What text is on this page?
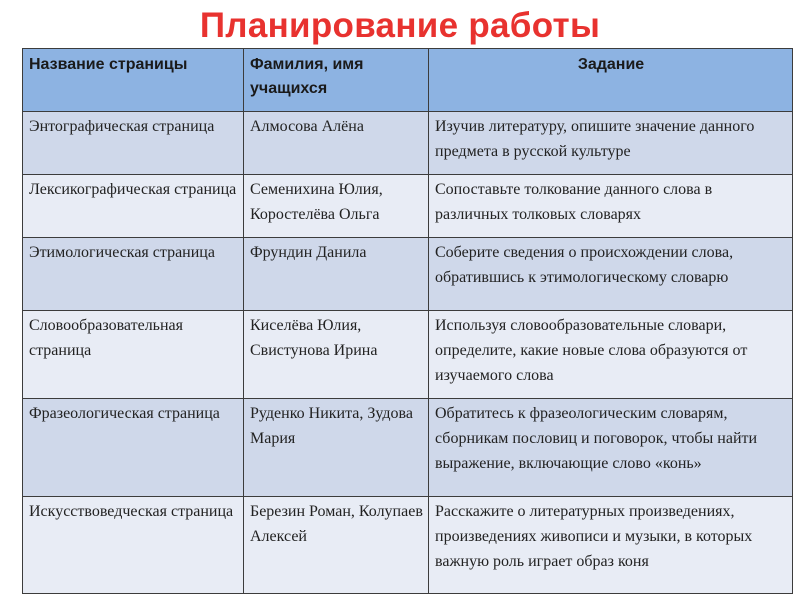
Планирование работы
Название страницы	Фамилия, имя учащихся	Задание
Энтографическая страница	Алмосова Алёна	Изучив литературу, опишите значение данного предмета в русской культуре
Лексикографическая страница	Семенихина Юлия, Коростелёва Ольга	Сопоставьте толкование данного слова в различных толковых словарях
Этимологическая страница	Фрундин Данила	Соберите сведения о происхождении слова, обратившись к этимологическому словарю
Словообразовательная страница	Киселёва Юлия, Свистунова Ирина	Используя словообразовательные словари, определите, какие новые слова образуются от изучаемого слова
Фразеологическая страница	Руденко Никита, Зудова Мария	Обратитесь к фразеологическим словарям, сборникам пословиц и поговорок, чтобы найти выражение, включающие слово «конь»
Искусствоведческая страница	Березин Роман, Колупаев Алексей	Расскажите о литературных произведениях, произведениях живописи и музыки, в которых важную роль играет образ коня
